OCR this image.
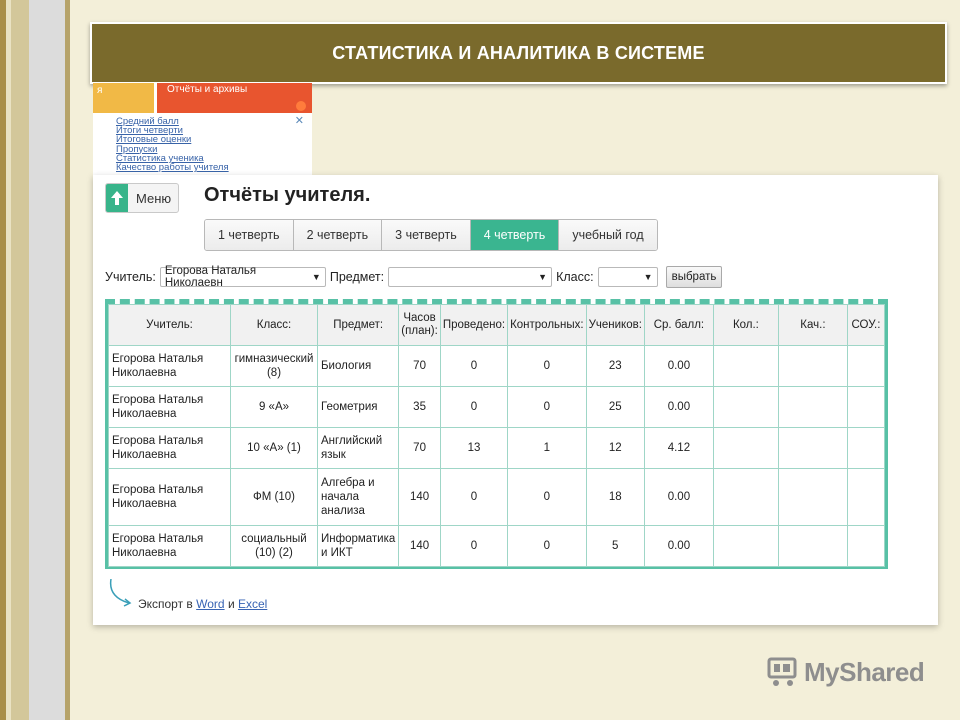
СТАТИСТИКА И АНАЛИТИКА В СИСТЕМЕ
я	Отчёты и архивы
✕
Средний балл
Итоги четверти
Итоговые оценки
Пропуски
Статистика ученика
Качество работы учителя
Меню Отчёты учителя.
1 четверть	2 четверть	3 четверть	4 четверть	учебный год
Учитель: Егорова Наталья Николаевн	▼ Предмет:	▼ Класс:	▼	выбрать
Учитель:	Класс:	Предмет:	Часов (план):	Проведено:	Контрольных:	Учеников:	Ср. балл:	Кол.:	Кач.:	СОУ.:
Егорова Наталья Николаевна	гимназический (8)	Биология	70	0	0	23	0.00			
Егорова Наталья Николаевна	9 «А»	Геометрия	35	0	0	25	0.00			
Егорова Наталья Николаевна	10 «А» (1)	Английский язык	70	13	1	12	4.12			
Егорова Наталья Николаевна	ФМ (10)	Алгебра и начала анализа	140	0	0	18	0.00			
Егорова Наталья Николаевна	социальный (10) (2)	Информатика и ИКТ	140	0	0	5	0.00			
Экспорт в Word и Excel
MyShared
